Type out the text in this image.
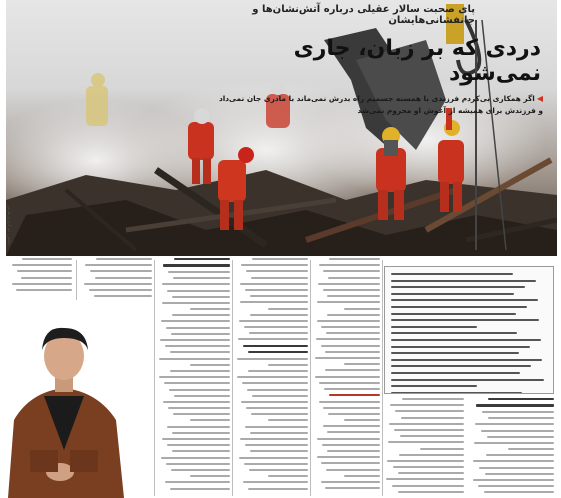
عکس: خبرگزاری فارس
پای صحبت سالار عقیلی درباره آتش‌نشان‌ها و جانفشانی‌هایشان
دردی که بر زبان، جاری نمی‌شود
◀اگر همکاری بی‌کردم فرزندی با همسنه جسمیم راه بدرش نمی‌ماند با مادری جان نمی‌داد و فرزندش برای همیشه از آغوش او محروم نمی‌شد
